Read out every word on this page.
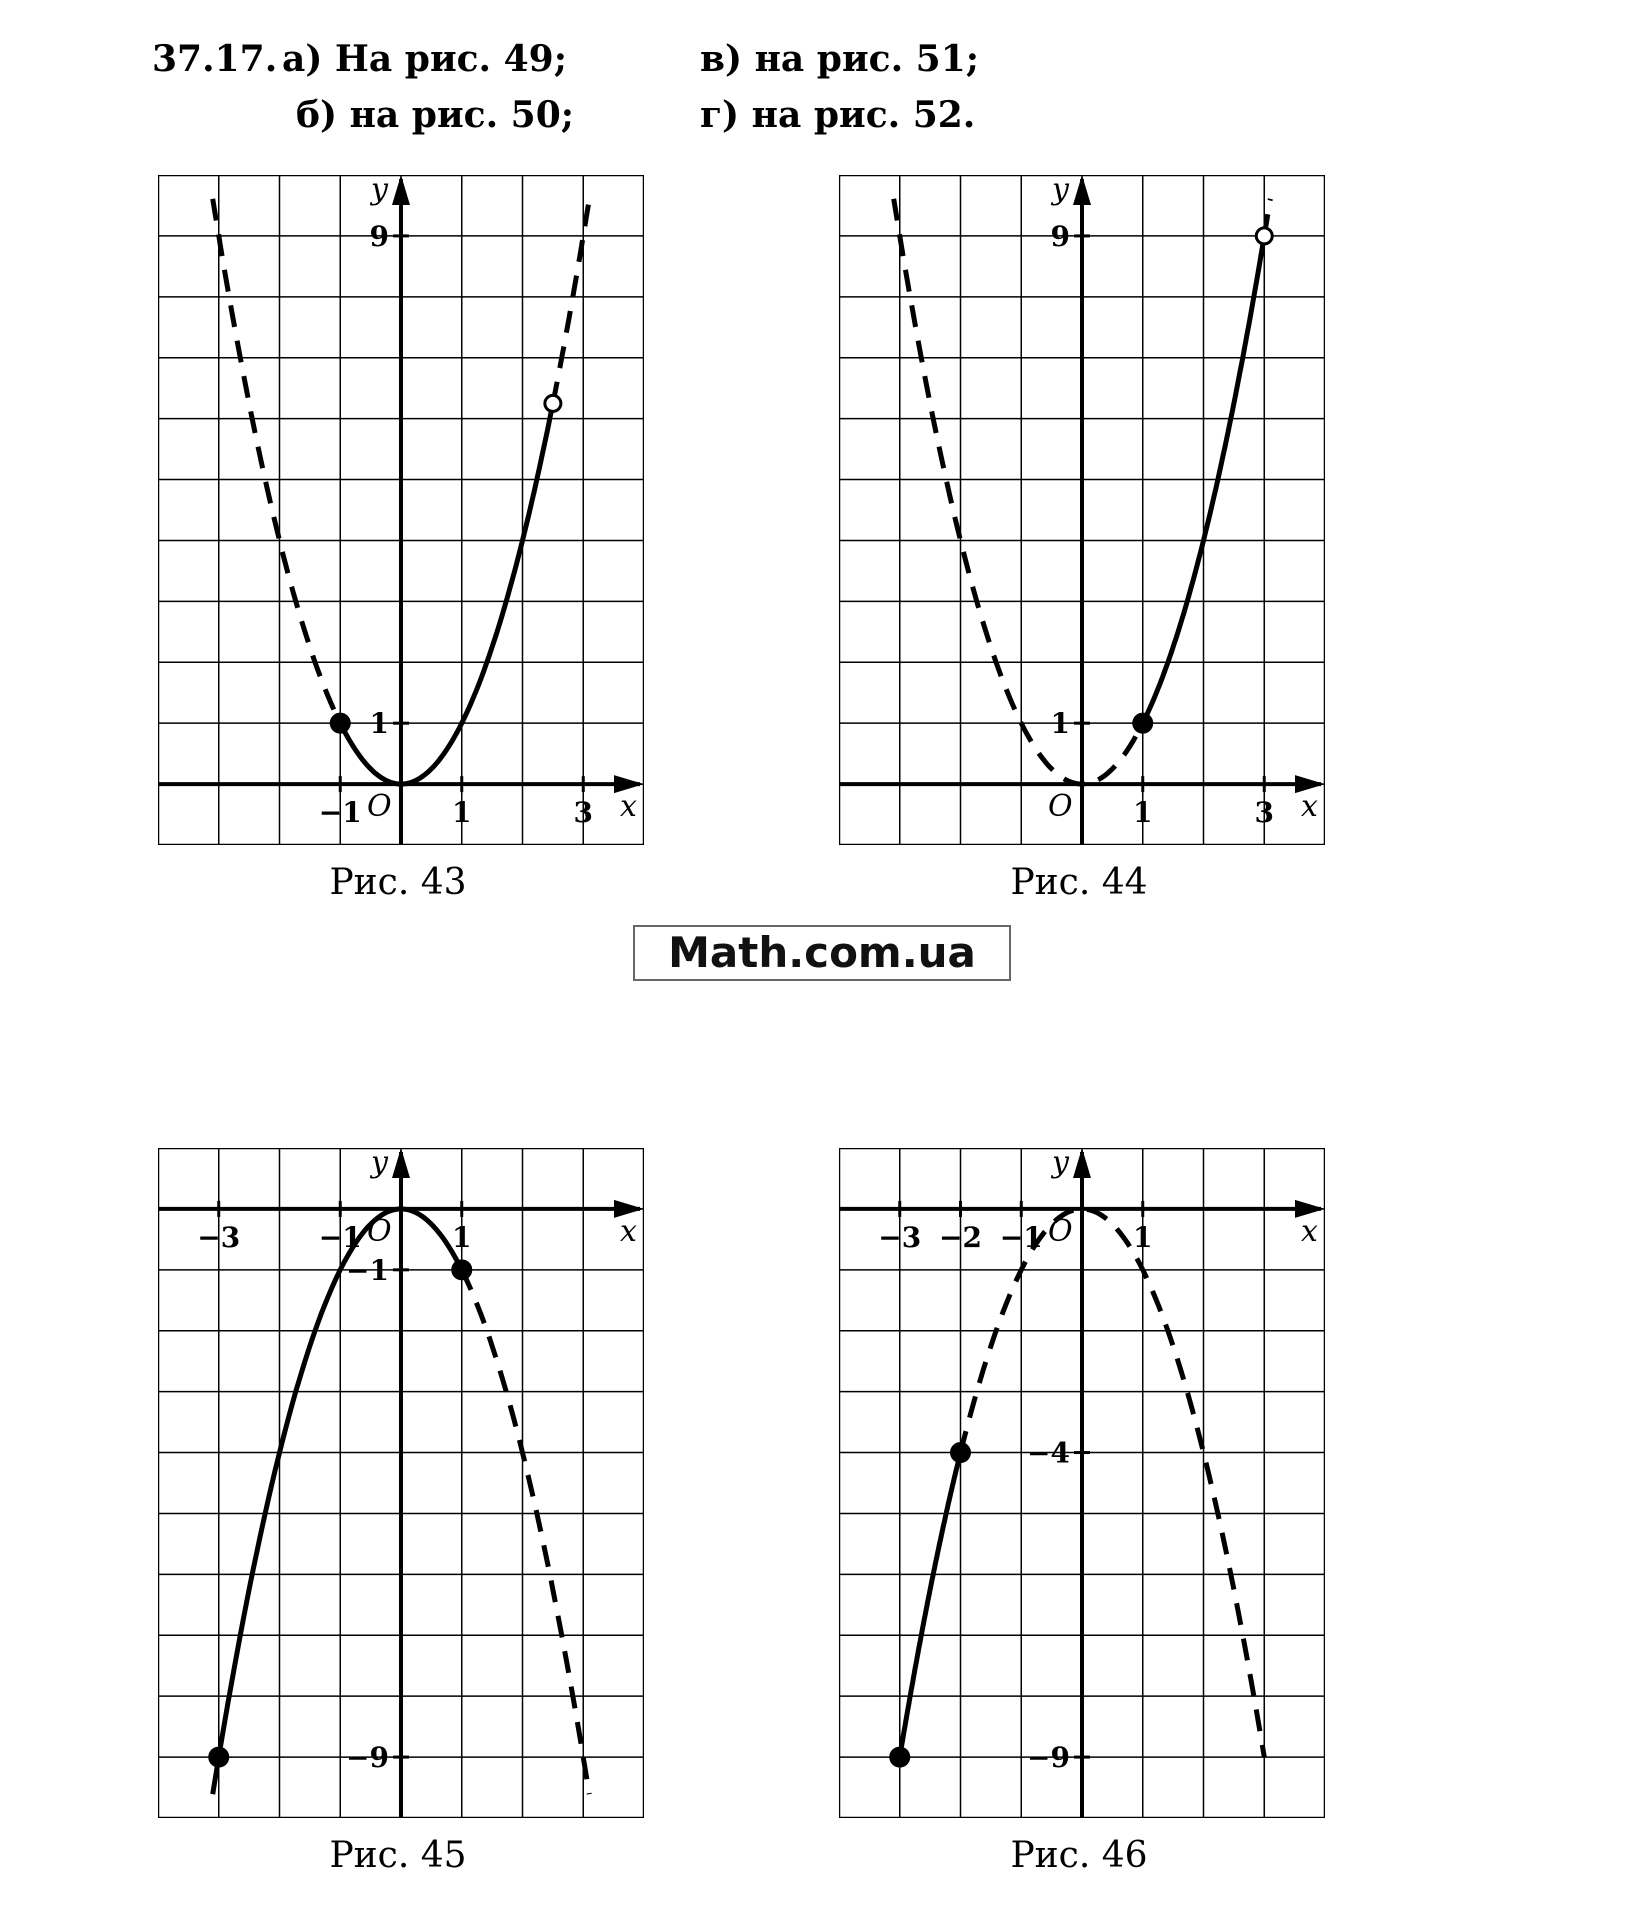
37.17. а) На рис. 49;	в) на рис. 51;
б) на рис. 50;	г) на рис. 52.
x
y
O
−1	1	3
9
1
Рис. 43
x
y
O 1	3
9
1
Рис. 44
Math.com.ua
x
y
O
−3	−1	1
−1
−9
Рис. 45
x
y
O
−3 −2 −1	1
−4
−9
Рис. 46
